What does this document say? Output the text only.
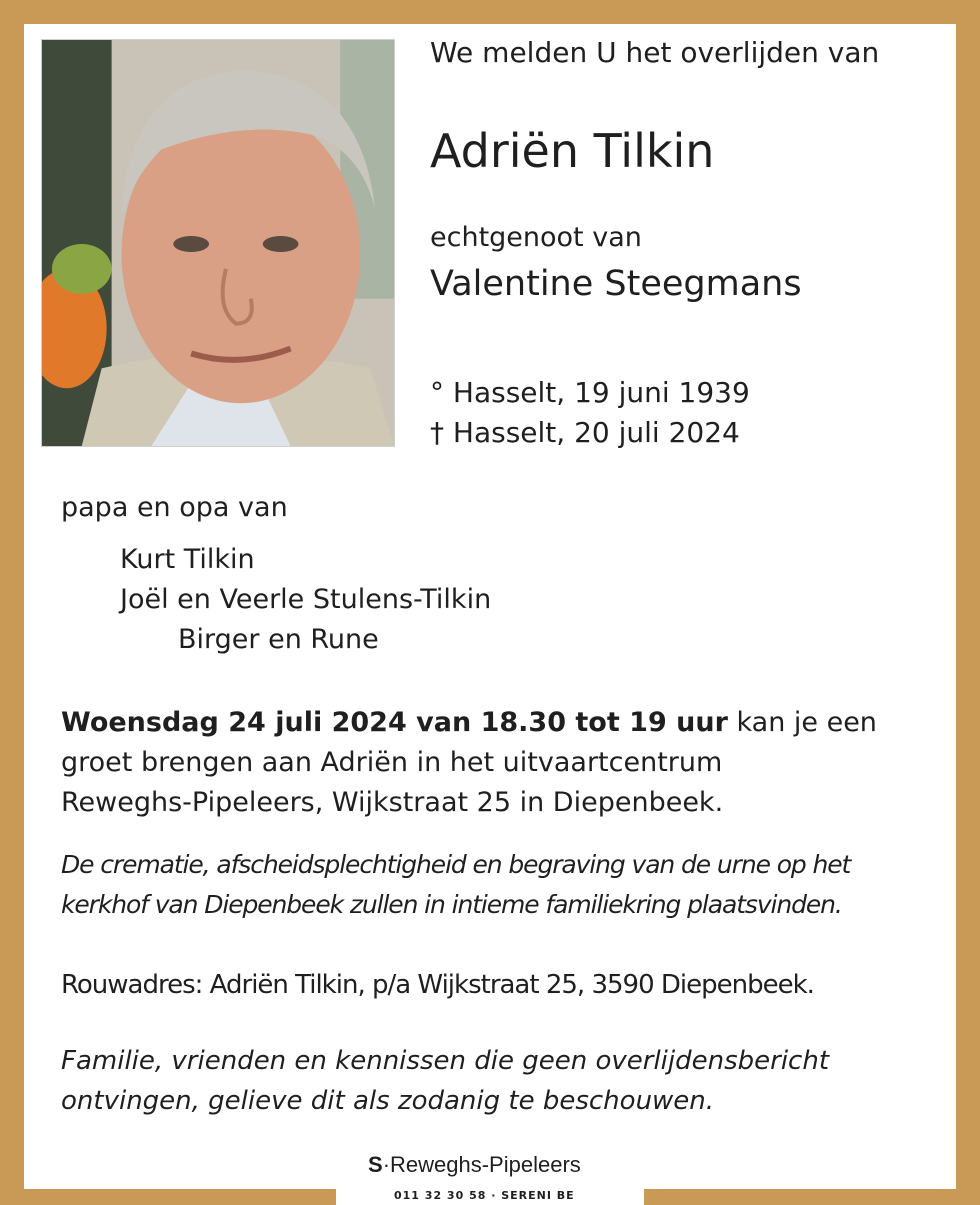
We melden U het overlijden van
Adriën Tilkin
echtgenoot van
Valentine Steegmans
° Hasselt, 19 juni 1939
† Hasselt, 20 juli 2024
papa en opa van
Kurt Tilkin
Joël en Veerle Stulens-Tilkin
Birger en Rune
Woensdag 24 juli 2024 van 18.30 tot 19 uur kan je een
groet brengen aan Adriën in het uitvaartcentrum
Reweghs-Pipeleers, Wijkstraat 25 in Diepenbeek.
De crematie, afscheidsplechtigheid en begraving van de urne op het
kerkhof van Diepenbeek zullen in intieme familiekring plaatsvinden.
Rouwadres: Adriën Tilkin, p/a Wijkstraat 25, 3590 Diepenbeek.
Familie, vrienden en kennissen die geen overlijdensbericht
ontvingen, gelieve dit als zodanig te beschouwen.
S·Reweghs-Pipeleers
011 32 30 58 · SERENI BE
